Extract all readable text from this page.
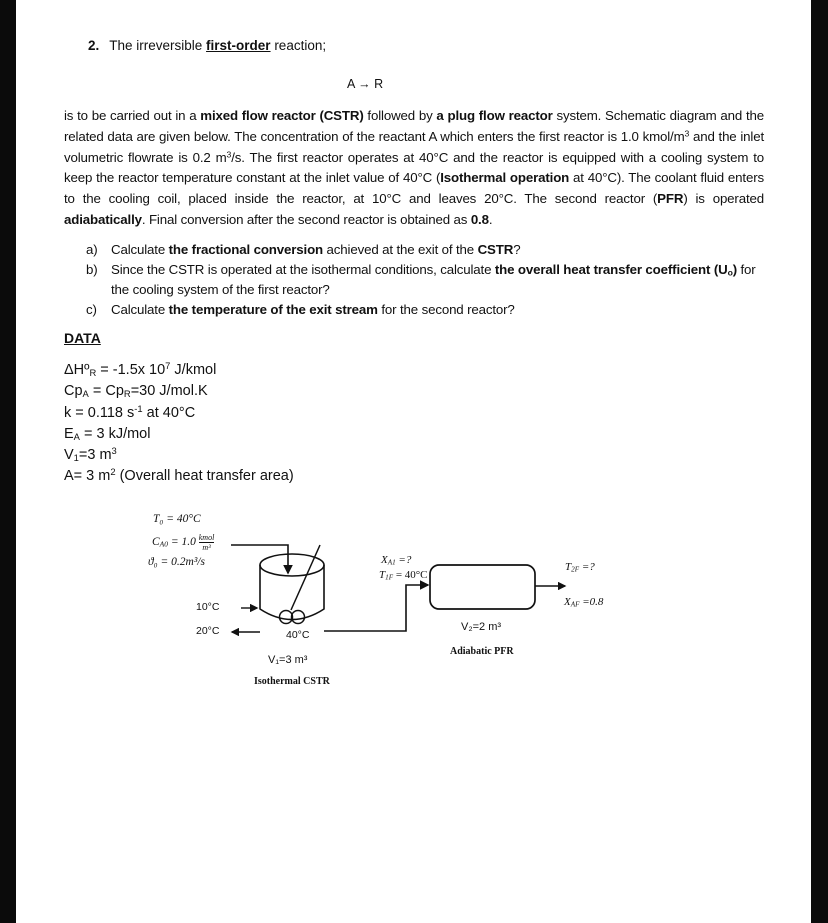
2. The irreversible first-order reaction;
A → R
is to be carried out in a mixed flow reactor (CSTR) followed by a plug flow reactor system. Schematic diagram and the related data are given below. The concentration of the reactant A which enters the first reactor is 1.0 kmol/$m^3$ and the inlet volumetric flowrate is 0.2 $m^3/s$. The first reactor operates at 40°C and the reactor is equipped with a cooling system to keep the reactor temperature constant at the inlet value of 40°C (Isothermal operation at 40°C). The coolant fluid enters to the cooling coil, placed inside the reactor, at 10°C and leaves 20°C. The second reactor (PFR) is operated adiabatically. Final conversion after the second reactor is obtained as 0.8.
a)	Calculate the fractional conversion achieved at the exit of the CSTR?
b)	Since the CSTR is operated at the isothermal conditions, calculate the overall heat transfer coefficient $(U_o)$ for the cooling system of the first reactor?
c)	Calculate the temperature of the exit stream for the second reactor?
DATA
ΔHº$_R$ = -1.5x $10^7$ J/kmol
$Cp_A = Cp_R=30$ J/mol.K
k = 0.118 $s^{-1}$ at 40°C
$E_A = 3$ kJ/mol
$V_1=3$ $m^3$
A= 3 $m^2$ (Overall heat transfer area)
T₀ = 40°C
$C_{A0} = 1.0$ kmol
m³
ϑ₀ = 0.2m³/s
10°C
20°C	40°C
V₁=3 m³
Isothermal CSTR
$X_{A1}$ =?
$T_{1F} = 40^\circ C$
V₂=2 m³
Adiabatic PFR
$T_{2F}$ =?
$X_{AF} =0.8$
